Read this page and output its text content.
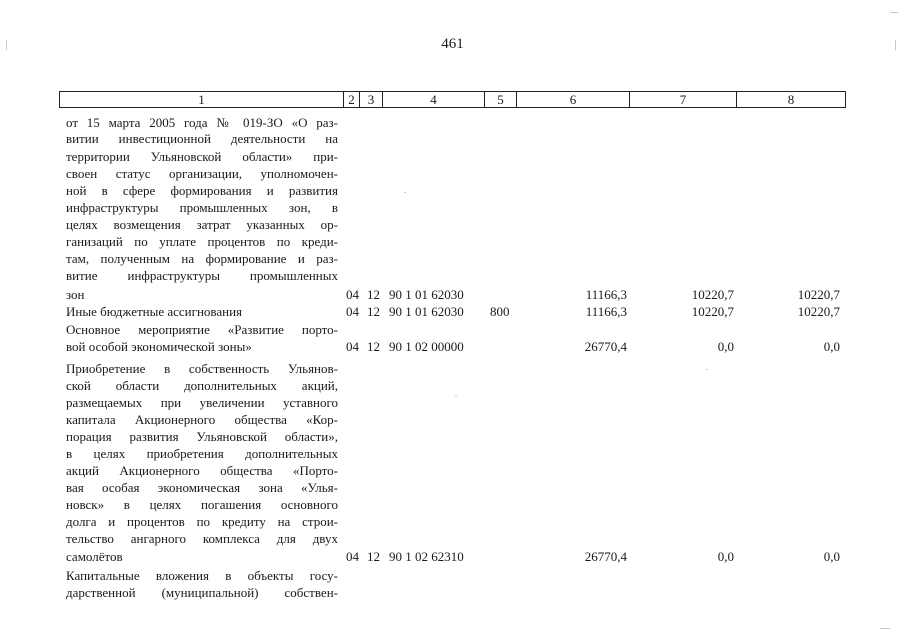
461
1	2	3	4	5	6	7	8
от 15 марта 2005 года № 019-ЗО «О раз-
витии инвестиционной деятельности на
территории Ульяновской области» при-
своен статус организации, уполномочен-
ной в сфере формирования и развития
инфраструктуры промышленных зон, в
целях возмещения затрат указанных ор-
ганизаций по уплате процентов по креди-
там, полученным на формирование и раз-
витие инфраструктуры промышленных
зон	04 12 90 1 01 62030	11166,3	10220,7	10220,7
Иные бюджетные ассигнования	04 12 90 1 01 62030 800	11166,3	10220,7	10220,7
Основное мероприятие «Развитие порто-
вой особой экономической зоны»	04 12 90 1 02 00000	26770,4	0,0	0,0
Приобретение в собственность Ульянов-
ской области дополнительных акций,
размещаемых при увеличении уставного
капитала Акционерного общества «Кор-
порация развития Ульяновской области»,
в целях приобретения дополнительных
акций Акционерного общества «Порто-
вая особая экономическая зона «Улья-
новск» в целях погашения основного
долга и процентов по кредиту на строи-
тельство ангарного комплекса для двух
самолётов	04 12 90 1 02 62310	26770,4	0,0	0,0
Капитальные вложения в объекты госу-
дарственной (муниципальной) собствен-
